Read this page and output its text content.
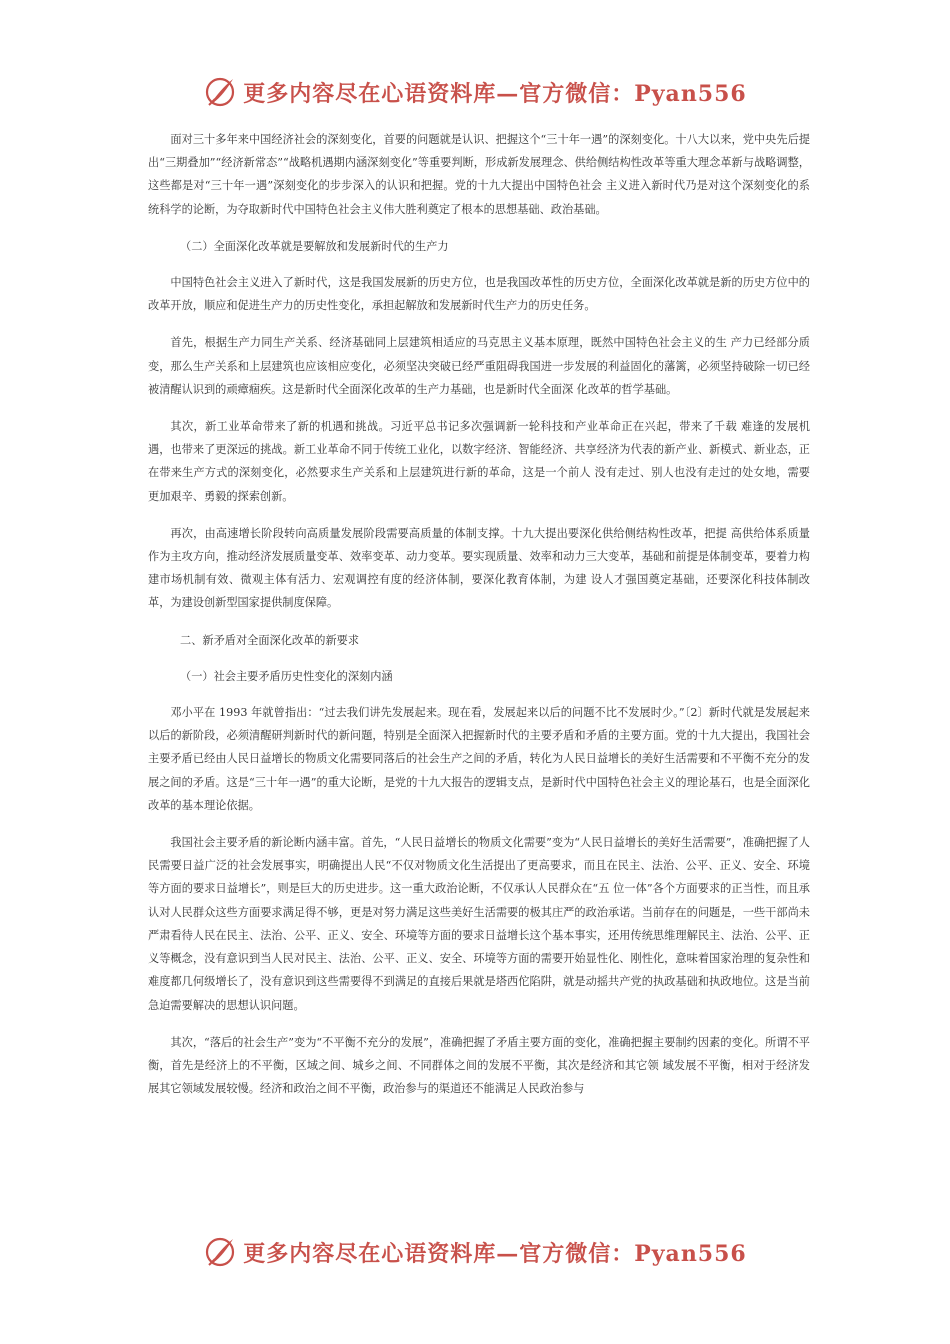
更多内容尽在心语资料库—官方微信：Pyan556

面对三十多年来中国经济社会的深刻变化，首要的问题就是认识、把握这个“三十年一遇”的深刻变化。十八大以来，党中央先后提出“三期叠加”“经济新常态”“战略机遇期内涵深刻变化”等重要判断，形成新发展理念、供给侧结构性改革等重大理念革新与战略调整，这些都是对“三十年一遇”深刻变化的步步深入的认识和把握。党的十九大提出中国特色社会 主义进入新时代乃是对这个深刻变化的系统科学的论断，为夺取新时代中国特色社会主义伟大胜利奠定了根本的思想基础、政治基础。

（二）全面深化改革就是要解放和发展新时代的生产力

中国特色社会主义进入了新时代，这是我国发展新的历史方位，也是我国改革性的历史方位，全面深化改革就是新的历史方位中的改革开放，顺应和促进生产力的历史性变化，承担起解放和发展新时代生产力的历史任务。

首先，根据生产力同生产关系、经济基础同上层建筑相适应的马克思主义基本原理，既然中国特色社会主义的生 产力已经部分质变，那么生产关系和上层建筑也应该相应变化，必须坚决突破已经严重阻碍我国进一步发展的利益固化的藩篱，必须坚持破除一切已经被清醒认识到的顽瘴痼疾。这是新时代全面深化改革的生产力基础，也是新时代全面深 化改革的哲学基础。

其次，新工业革命带来了新的机遇和挑战。习近平总书记多次强调新一轮科技和产业革命正在兴起，带来了千载 难逢的发展机遇，也带来了更深远的挑战。新工业革命不同于传统工业化，以数字经济、智能经济、共享经济为代表的新产业、新模式、新业态，正在带来生产方式的深刻变化，必然要求生产关系和上层建筑进行新的革命，这是一个前人 没有走过、别人也没有走过的处女地，需要更加艰辛、勇毅的探索创新。

再次，由高速增长阶段转向高质量发展阶段需要高质量的体制支撑。十九大提出要深化供给侧结构性改革，把提 高供给体系质量作为主攻方向，推动经济发展质量变革、效率变革、动力变革。要实现质量、效率和动力三大变革，基础和前提是体制变革，要着力构建市场机制有效、微观主体有活力、宏观调控有度的经济体制，要深化教育体制，为建 设人才强国奠定基础，还要深化科技体制改革，为建设创新型国家提供制度保障。

二、新矛盾对全面深化改革的新要求

（一）社会主要矛盾历史性变化的深刻内涵

邓小平在 1993 年就曾指出：“过去我们讲先发展起来。现在看，发展起来以后的问题不比不发展时少。”〔2〕新时代就是发展起来以后的新阶段，必须清醒研判新时代的新问题，特别是全面深入把握新时代的主要矛盾和矛盾的主要方面。党的十九大提出，我国社会主要矛盾已经由人民日益增长的物质文化需要同落后的社会生产之间的矛盾，转化为人民日益增长的美好生活需要和不平衡不充分的发展之间的矛盾。这是“三十年一遇”的重大论断，是党的十九大报告的逻辑支点，是新时代中国特色社会主义的理论基石，也是全面深化改革的基本理论依据。

我国社会主要矛盾的新论断内涵丰富。首先，“人民日益增长的物质文化需要”变为“人民日益增长的美好生活需要”，准确把握了人民需要日益广泛的社会发展事实，明确提出人民“不仅对物质文化生活提出了更高要求，而且在民主、法治、公平、正义、安全、环境等方面的要求日益增长”，则是巨大的历史进步。这一重大政治论断，不仅承认人民群众在“五 位一体”各个方面要求的正当性，而且承认对人民群众这些方面要求满足得不够，更是对努力满足这些美好生活需要的极其庄严的政治承诺。当前存在的问题是，一些干部尚未严肃看待人民在民主、法治、公平、正义、安全、环境等方面的要求日益增长这个基本事实，还用传统思维理解民主、法治、公平、正义等概念，没有意识到当人民对民主、法治、公平、正义、安全、环境等方面的需要开始显性化、刚性化，意味着国家治理的复杂性和难度都几何级增长了，没有意识到这些需要得不到满足的直接后果就是塔西佗陷阱，就是动摇共产党的执政基础和执政地位。这是当前急迫需要解决的思想认识问题。

其次，“落后的社会生产”变为“不平衡不充分的发展”，准确把握了矛盾主要方面的变化，准确把握主要制约因素的变化。所谓不平衡，首先是经济上的不平衡，区域之间、城乡之间、不同群体之间的发展不平衡，其次是经济和其它领 域发展不平衡，相对于经济发展其它领域发展较慢。经济和政治之间不平衡，政治参与的渠道还不能满足人民政治参与

更多内容尽在心语资料库—官方微信：Pyan556
